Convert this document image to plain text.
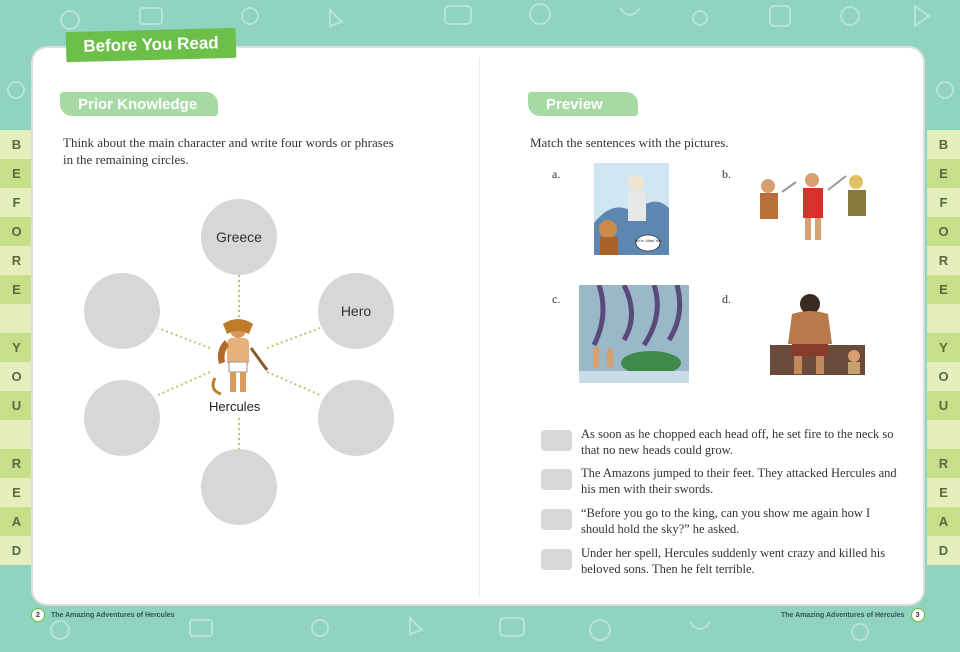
B
E
F
O
R
E
Y
O
U
R
E
A
D
B
E
F
O
R
E
Y
O
U
R
E
A
D
Before You Read
Prior Knowledge
Think about the main character and write four words or phrases
in the remaining circles.
Greece
Hero
Hercules
Preview
Match the sentences with the pictures.
a.
You're, Atlas! Yes!
b.
c.	d.
As soon as he chopped each head off, he set fire to the neck so
that no new heads could grow.
The Amazons jumped to their feet. They attacked Hercules and
his men with their swords.
“Before you go to the king, can you show me again how I
should hold the sky?” he asked.
Under her spell, Hercules suddenly went crazy and killed his
beloved sons. Then he felt terrible.
2	The Amazing Adventures of Hercules	The Amazing Adventures of Hercules	3
